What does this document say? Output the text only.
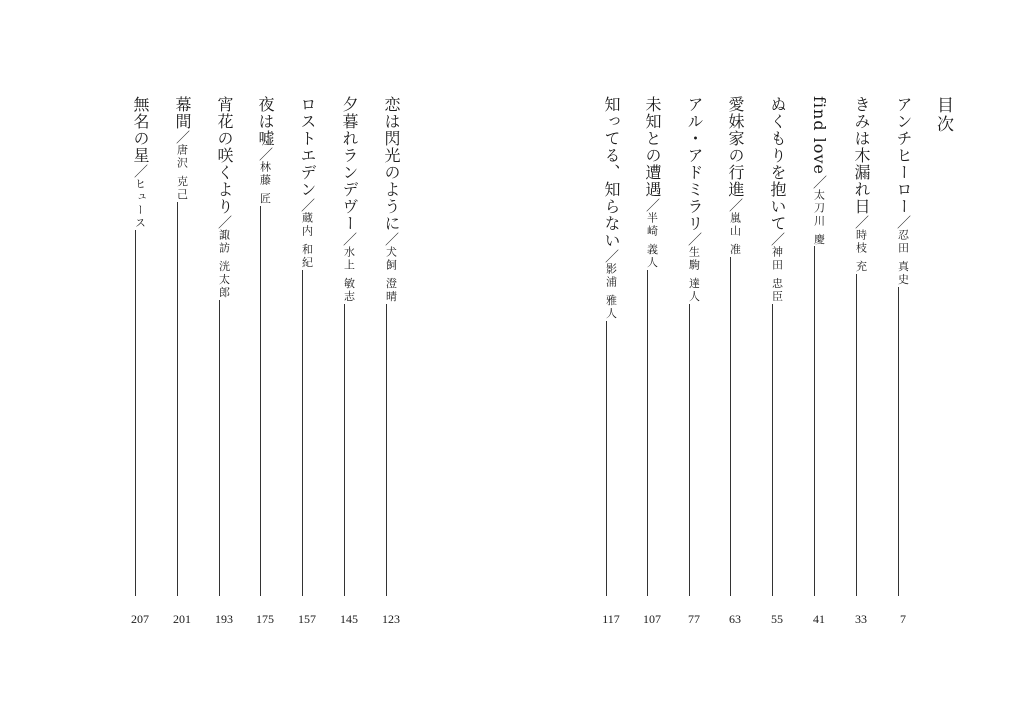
目次
アンチヒーロー
／
忍田 真史
7
きみは木漏れ日
／
時枝 充
33
find love
／
太刀川 慶
41
ぬくもりを抱いて
／
神田 忠臣
55
愛妹家の行進
／
嵐山 准
63
アル・アドミラリ
／
生駒 達人
77
未知との遭遇
／
半崎 義人
107
知ってる、知らない
／
影浦 雅人
117
恋は閃光のように
／
犬飼 澄晴
123
夕暮れランデヴー
／
水上 敏志
145
ロストエデン
／
蔵内 和紀
157
夜は嘘
／
林藤 匠
175
宵花の咲くより
／
諏訪 洸太郎
193
幕間
／
唐沢 克己
201
無名の星
／
ヒュース
207
